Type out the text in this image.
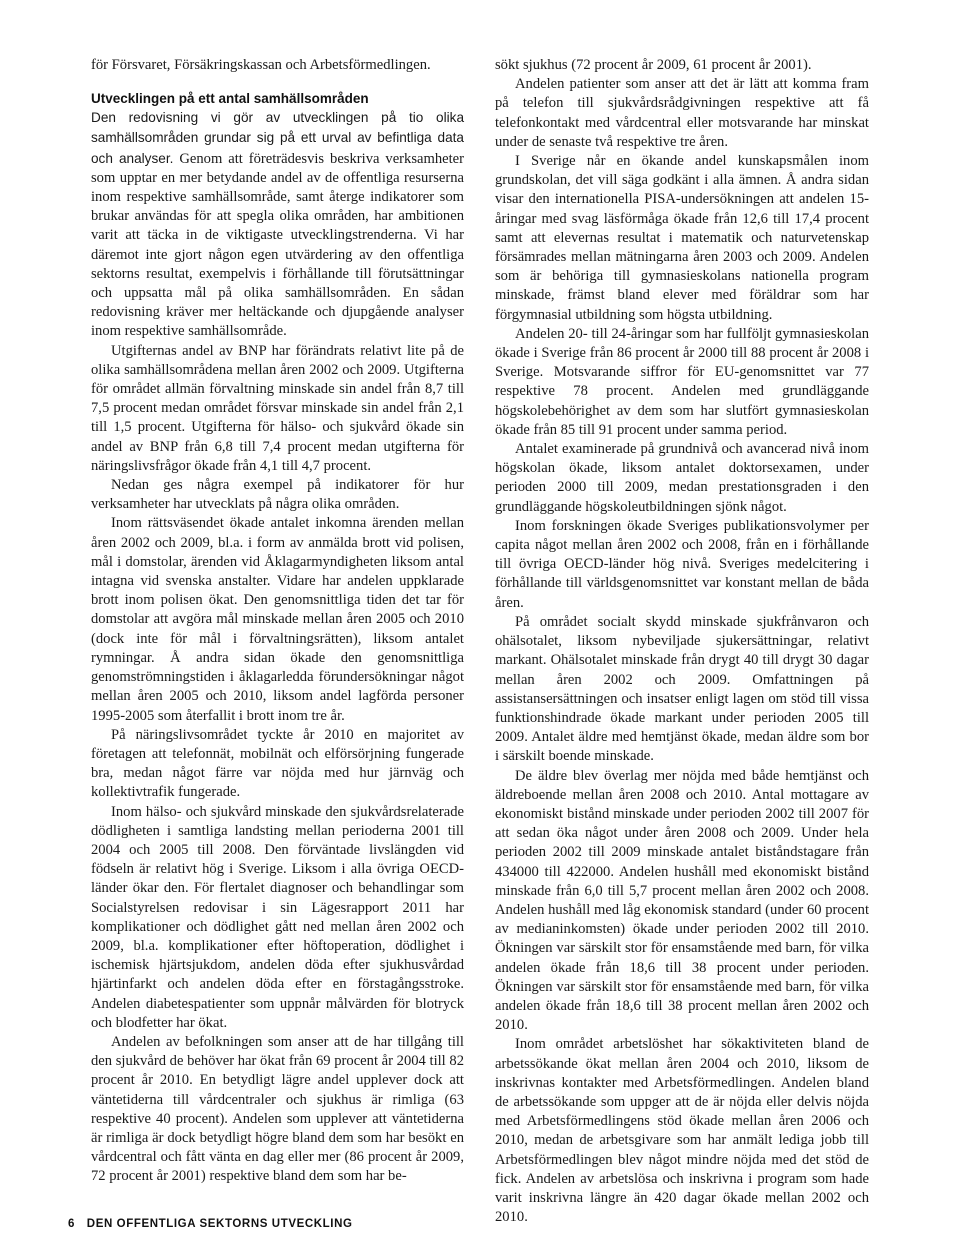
för Försvaret, Försäkringskassan och Arbetsförmedlingen.

Utvecklingen på ett antal samhällsområden

Den redovisning vi gör av utvecklingen på tio olika samhällsområden grundar sig på ett urval av befintliga data och analyser. Genom att företrädesvis beskriva verksamheter som upptar en mer betydande andel av de offentliga resurserna inom respektive samhällsområde, samt återge indikatorer som brukar användas för att spegla olika områden, har ambitionen varit att täcka in de viktigaste utvecklingstrenderna. Vi har däremot inte gjort någon egen utvärdering av den offentliga sektorns resultat, exempelvis i förhållande till förutsättningar och uppsatta mål på olika samhällsområden. En sådan redovisning kräver mer heltäckande och djupgående analyser inom respektive samhällsområde.

Utgifternas andel av BNP har förändrats relativt lite på de olika samhällsområdena mellan åren 2002 och 2009. Utgifterna för området allmän förvaltning minskade sin andel från 8,7 till 7,5 procent medan området försvar minskade sin andel från 2,1 till 1,5 procent. Utgifterna för hälso- och sjukvård ökade sin andel av BNP från 6,8 till 7,4 procent medan utgifterna för näringslivsfrågor ökade från 4,1 till 4,7 procent.

Nedan ges några exempel på indikatorer för hur verksamheter har utvecklats på några olika områden.

Inom rättsväsendet ökade antalet inkomna ärenden mellan åren 2002 och 2009, bl.a. i form av anmälda brott vid polisen, mål i domstolar, ärenden vid Åklagarmyndigheten liksom antal intagna vid svenska anstalter. Vidare har andelen uppklarade brott inom polisen ökat. Den genomsnittliga tiden det tar för domstolar att avgöra mål minskade mellan åren 2005 och 2010 (dock inte för mål i förvaltningsrätten), liksom antalet rymningar. Å andra sidan ökade den genomsnittliga genomströmningstiden i åklagarledda förundersökningar något mellan åren 2005 och 2010, liksom andel lagförda personer 1995-2005 som återfallit i brott inom tre år.

På näringslivsområdet tyckte år 2010 en majoritet av företagen att telefonnät, mobilnät och elförsörjning fungerade bra, medan något färre var nöjda med hur järnväg och kollektivtrafik fungerade.

Inom hälso- och sjukvård minskade den sjukvårdsrelaterade dödligheten i samtliga landsting mellan perioderna 2001 till 2004 och 2005 till 2008. Den förväntade livslängden vid födseln är relativt hög i Sverige. Liksom i alla övriga OECD-länder ökar den. För flertalet diagnoser och behandlingar som Socialstyrelsen redovisar i sin Lägesrapport 2011 har komplikationer och dödlighet gått ned mellan åren 2002 och 2009, bl.a. komplikationer efter höftoperation, dödlighet i ischemisk hjärtsjukdom, andelen döda efter sjukhusvårdad hjärtinfarkt och andelen döda efter en förstagångsstroke. Andelen diabetespatienter som uppnår målvärden för blotryck och blodfetter har ökat.

Andelen av befolkningen som anser att de har tillgång till den sjukvård de behöver har ökat från 69 procent år 2004 till 82 procent år 2010. En betydligt lägre andel upplever dock att väntetiderna till vårdcentraler och sjukhus är rimliga (63 respektive 40 procent). Andelen som upplever att väntetiderna är rimliga är dock betydligt högre bland dem som har besökt en vårdcentral och fått vänta en dag eller mer (86 procent år 2009, 72 procent år 2001) respektive bland dem som har be-

sökt sjukhus (72 procent år 2009, 61 procent år 2001).

Andelen patienter som anser att det är lätt att komma fram på telefon till sjukvårdsrådgivningen respektive att få telefonkontakt med vårdcentral eller motsvarande har minskat under de senaste två respektive tre åren.

I Sverige når en ökande andel kunskapsmålen inom grundskolan, det vill säga godkänt i alla ämnen. Å andra sidan visar den internationella PISA-undersökningen att andelen 15-åringar med svag läsförmåga ökade från 12,6 till 17,4 procent samt att elevernas resultat i matematik och naturvetenskap försämrades mellan mätningarna åren 2003 och 2009. Andelen som är behöriga till gymnasieskolans nationella program minskade, främst bland elever med föräldrar som har förgymnasial utbildning som högsta utbildning.

Andelen 20- till 24-åringar som har fullföljt gymnasieskolan ökade i Sverige från 86 procent år 2000 till 88 procent år 2008 i Sverige. Motsvarande siffror för EU-genomsnittet var 77 respektive 78 procent. Andelen med grundläggande högskolebehörighet av dem som har slutfört gymnasieskolan ökade från 85 till 91 procent under samma period.

Antalet examinerade på grundnivå och avancerad nivå inom högskolan ökade, liksom antalet doktorsexamen, under perioden 2000 till 2009, medan prestationsgraden i den grundläggande högskoleutbildningen sjönk något.

Inom forskningen ökade Sveriges publikationsvolymer per capita något mellan åren 2002 och 2008, från en i förhållande till övriga OECD-länder hög nivå. Sveriges medelcitering i förhållande till världsgenomsnittet var konstant mellan de båda åren.

På området socialt skydd minskade sjukfrånvaron och ohälsotalet, liksom nybeviljade sjukersättningar, relativt markant. Ohälsotalet minskade från drygt 40 till drygt 30 dagar mellan åren 2002 och 2009. Omfattningen på assistansersättningen och insatser enligt lagen om stöd till vissa funktionshindrade ökade markant under perioden 2005 till 2009. Antalet äldre med hemtjänst ökade, medan äldre som bor i särskilt boende minskade.

De äldre blev överlag mer nöjda med både hemtjänst och äldreboende mellan åren 2008 och 2010. Antal mottagare av ekonomiskt bistånd minskade under perioden 2002 till 2007 för att sedan öka något under åren 2008 och 2009. Under hela perioden 2002 till 2009 minskade antalet biståndstagare från 434000 till 422000. Andelen hushåll med ekonomiskt bistånd minskade från 6,0 till 5,7 procent mellan åren 2002 och 2008. Andelen hushåll med låg ekonomisk standard (under 60 procent av medianinkomsten) ökade under perioden 2002 till 2010. Ökningen var särskilt stor för ensamstående med barn, för vilka andelen ökade från 18,6 till 38 procent under perioden. Ökningen var särskilt stor för ensamstående med barn, för vilka andelen ökade från 18,6 till 38 procent mellan åren 2002 och 2010.

Inom området arbetslöshet har sökaktiviteten bland de arbetssökande ökat mellan åren 2004 och 2010, liksom de inskrivnas kontakter med Arbetsförmedlingen. Andelen bland de arbetssökande som uppger att de är nöjda eller delvis nöjda med Arbetsförmedlingens stöd ökade mellan åren 2006 och 2010, medan de arbetsgivare som har anmält lediga jobb till Arbetsförmedlingen blev något mindre nöjda med det stöd de fick. Andelen av arbetslösa och inskrivna i program som hade varit inskrivna längre än 420 dagar ökade mellan 2002 och 2010.

6 DEN OFFENTLIGA SEKTORNS UTVECKLING
